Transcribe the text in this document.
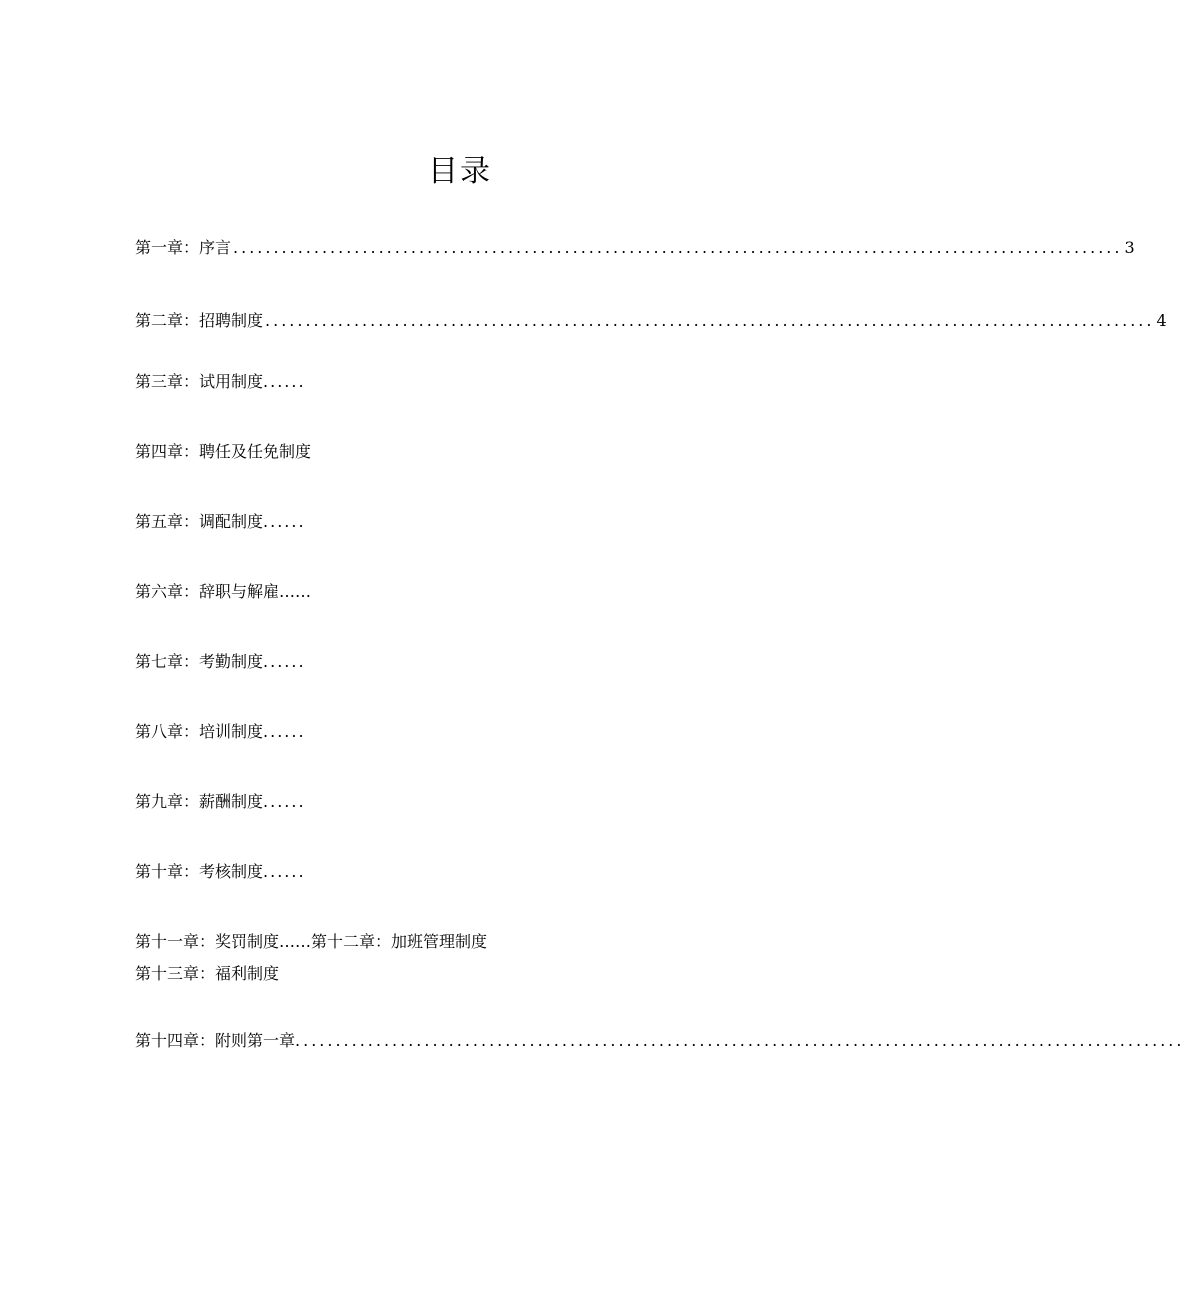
目录
第一章：序言 .............................................................................................................. 3
第二章：招聘制度 .............................................................................................................. 4
第三章：试用制度......
第四章：聘任及任免制度
第五章：调配制度......
第六章：辞职与解雇……
第七章：考勤制度......
第八章：培训制度......
第九章：薪酬制度......
第十章：考核制度......
第十一章：奖罚制度……第十二章：加班管理制度
第十三章：福利制度
第十四章：附则第一章 ..............................................................................................................
